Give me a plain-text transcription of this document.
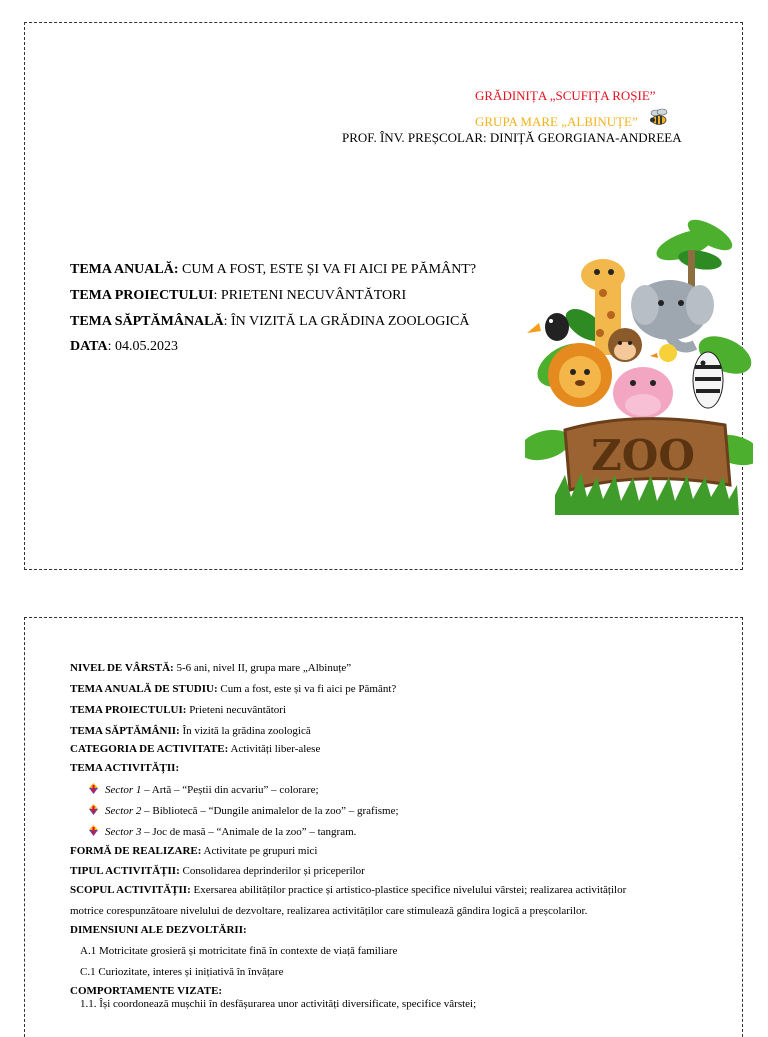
GRĂDINIȚA „SCUFIȚA ROȘIE”
GRUPA MARE „ALBINUȚE”
PROF. ÎNV. PREȘCOLAR: DINIȚĂ GEORGIANA-ANDREEA
TEMA ANUALĂ: CUM A FOST, ESTE ȘI VA FI AICI PE PĂMÂNT?
TEMA PROIECTULUI: PRIETENI NECUVÂNTĂTORI
TEMA SĂPTĂMÂNALĂ: ÎN VIZITĂ LA GRĂDINA ZOOLOGICĂ
DATA: 04.05.2023
ZOO
NIVEL DE VÂRSTĂ: 5-6 ani, nivel II, grupa mare „Albinuțe”
TEMA ANUALĂ DE STUDIU: Cum a fost, este și va fi aici pe Pământ?
TEMA PROIECTULUI: Prieteni necuvântători
TEMA SĂPTĂMÂNII: În vizită la grădina zoologică
CATEGORIA DE ACTIVITATE: Activități liber-alese
TEMA ACTIVITĂȚII:
Sector 1 – Artă – “Peștii din acvariu” – colorare;
Sector 2 – Bibliotecă – “Dungile animalelor de la zoo” – grafisme;
Sector 3 – Joc de masă – “Animale de la zoo” – tangram.
FORMĂ DE REALIZARE: Activitate pe grupuri mici
TIPUL ACTIVITĂȚII: Consolidarea deprinderilor și priceperilor
SCOPUL ACTIVITĂȚII: Exersarea abilităților practice și artistico-plastice specifice nivelului vârstei; realizarea activităților
motrice corespunzătoare nivelului de dezvoltare, realizarea activităților care stimulează gândira logică a preșcolarilor.
DIMENSIUNI ALE DEZVOLTĂRII:
A.1 Motricitate grosieră și motricitate fină în contexte de viață familiare
C.1 Curiozitate, interes și inițiativă în învățare
COMPORTAMENTE VIZATE:
1.1. Își coordonează mușchii în desfășurarea unor activități diversificate, specifice vârstei;
